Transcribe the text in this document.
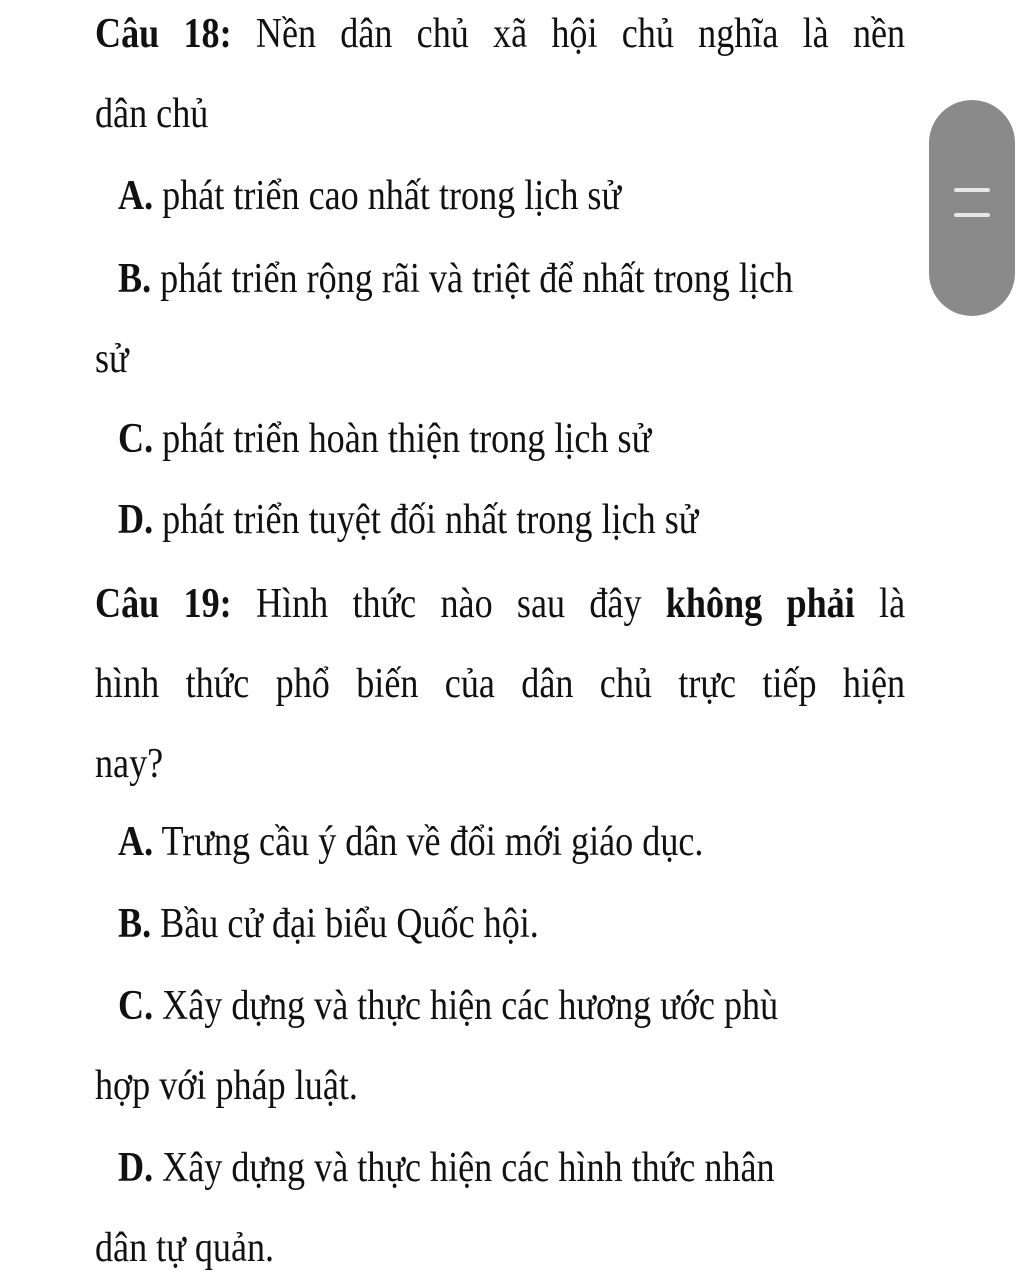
Câu 18: Nền dân chủ xã hội chủ nghĩa là nền
dân chủ
A. phát triển cao nhất trong lịch sử
B. phát triển rộng rãi và triệt để nhất trong lịch
sử
C. phát triển hoàn thiện trong lịch sử
D. phát triển tuyệt đối nhất trong lịch sử
Câu 19: Hình thức nào sau đây không phải là
hình thức phổ biến của dân chủ trực tiếp hiện
nay?
A. Trưng cầu ý dân về đổi mới giáo dục.
B. Bầu cử đại biểu Quốc hội.
C. Xây dựng và thực hiện các hương ước phù
hợp với pháp luật.
D. Xây dựng và thực hiện các hình thức nhân
dân tự quản.
